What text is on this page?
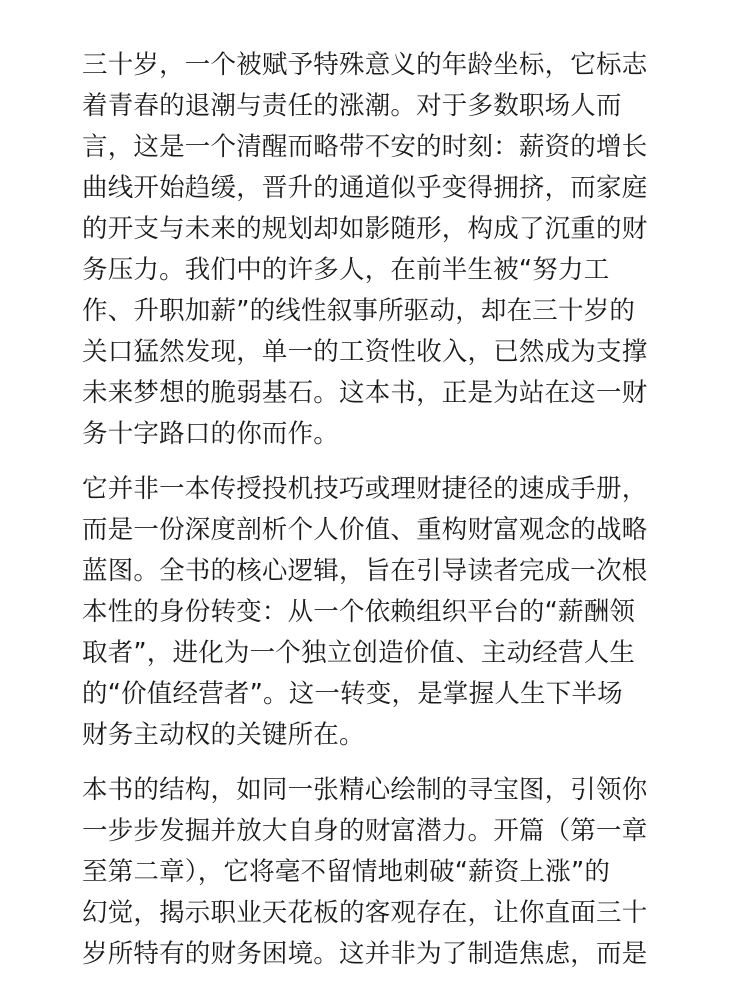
三十岁，一个被赋予特殊意义的年龄坐标，它标志
着青春的退潮与责任的涨潮。对于多数职场人而
言，这是一个清醒而略带不安的时刻：薪资的增长
曲线开始趋缓，晋升的通道似乎变得拥挤，而家庭
的开支与未来的规划却如影随形，构成了沉重的财
务压力。我们中的许多人，在前半生被“努力工
作、升职加薪”的线性叙事所驱动，却在三十岁的
关口猛然发现，单一的工资性收入，已然成为支撑
未来梦想的脆弱基石。这本书，正是为站在这一财
务十字路口的你而作。

它并非一本传授投机技巧或理财捷径的速成手册，
而是一份深度剖析个人价值、重构财富观念的战略
蓝图。全书的核心逻辑，旨在引导读者完成一次根
本性的身份转变：从一个依赖组织平台的“薪酬领
取者”，进化为一个独立创造价值、主动经营人生
的“价值经营者”。这一转变，是掌握人生下半场
财务主动权的关键所在。

本书的结构，如同一张精心绘制的寻宝图，引领你
一步步发掘并放大自身的财富潜力。开篇（第一章
至第二章），它将毫不留情地刺破“薪资上涨”的
幻觉，揭示职业天花板的客观存在，让你直面三十
岁所特有的财务困境。这并非为了制造焦虑，而是
